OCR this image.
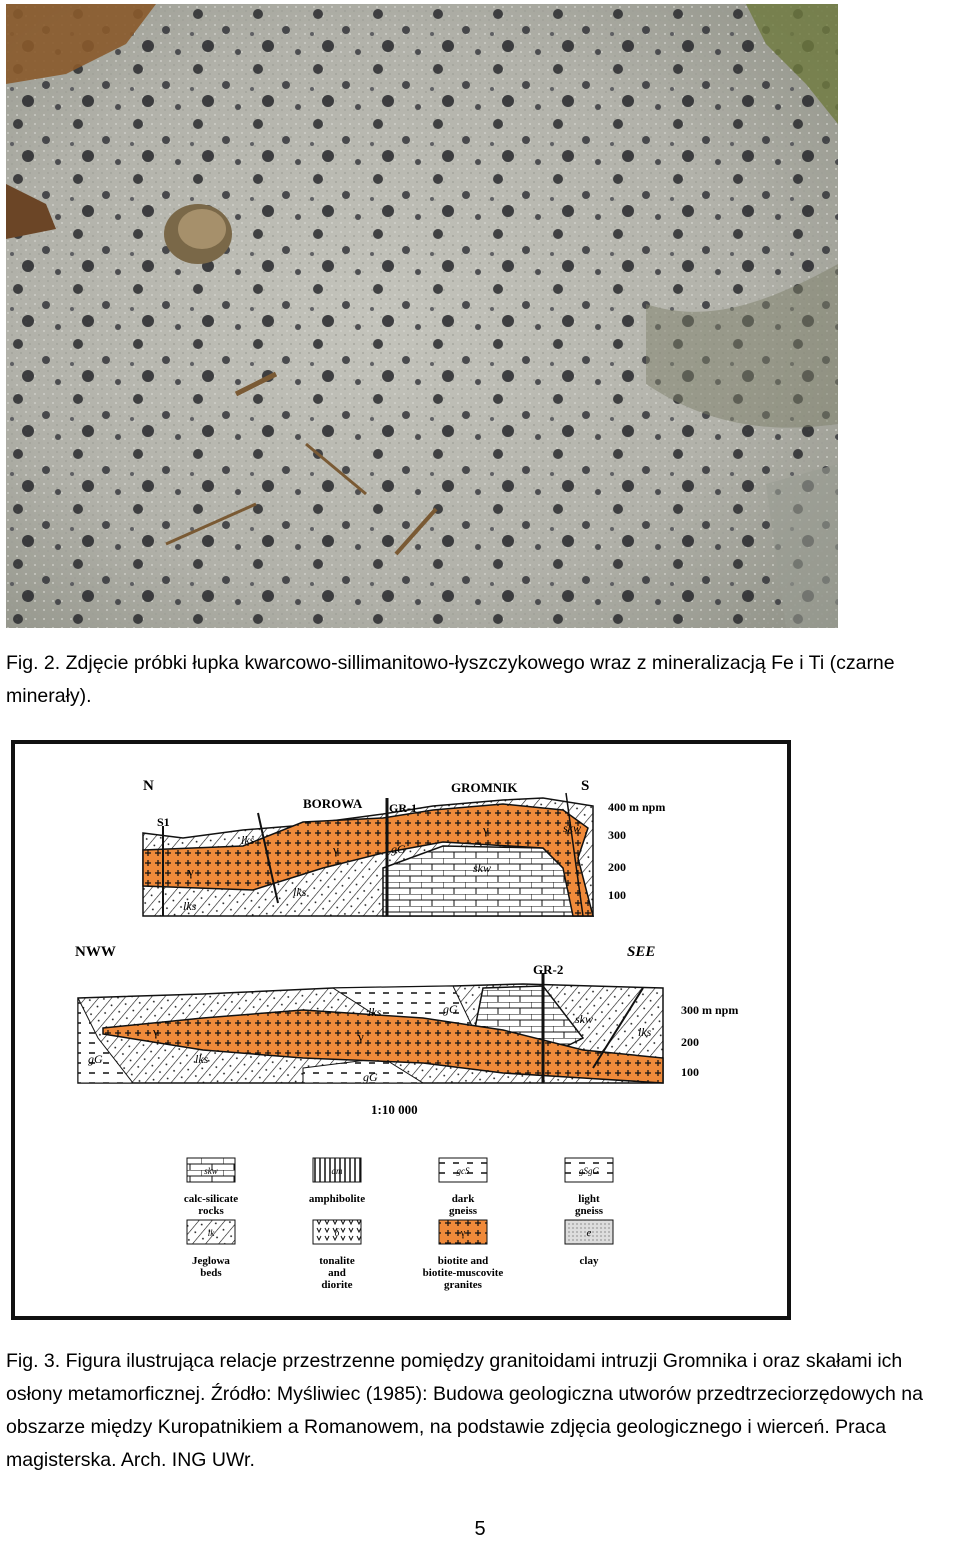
Fig. 2. Zdjęcie próbki łupka kwarcowo-sillimanitowo-łyszczykowego wraz z mineralizacją Fe i Ti (czarne minerały).

N	S
BOROWA
GROMNIK
S1
GR-1	400 m npm
300
200
100
lks
lks
lks
gG
skw
skw
γ
γ
γ
NWW	SEE
GR-2
300 m npm
200
100
lks
lks
lks
gG
gG
gG
skw
γ	γ
1:10 000
skw	am	gcS	gSgG
lk	δ	γ	e
calc-silicate
rocks
amphibolite	dark
gneiss
light
gneiss
Jeglowa
beds
tonalite
and
diorite
biotite and
biotite-muscovite
granites
clay

Fig. 3. Figura ilustrująca relacje przestrzenne pomiędzy granitoidami intruzji Gromnika i oraz skałami ich osłony metamorficznej. Źródło: Myśliwiec (1985): Budowa geologiczna utworów przedtrzeciorzędowych na obszarze między Kuropatnikiem a Romanowem, na podstawie zdjęcia geologicznego i wierceń. Praca magisterska. Arch. ING UWr.

5
